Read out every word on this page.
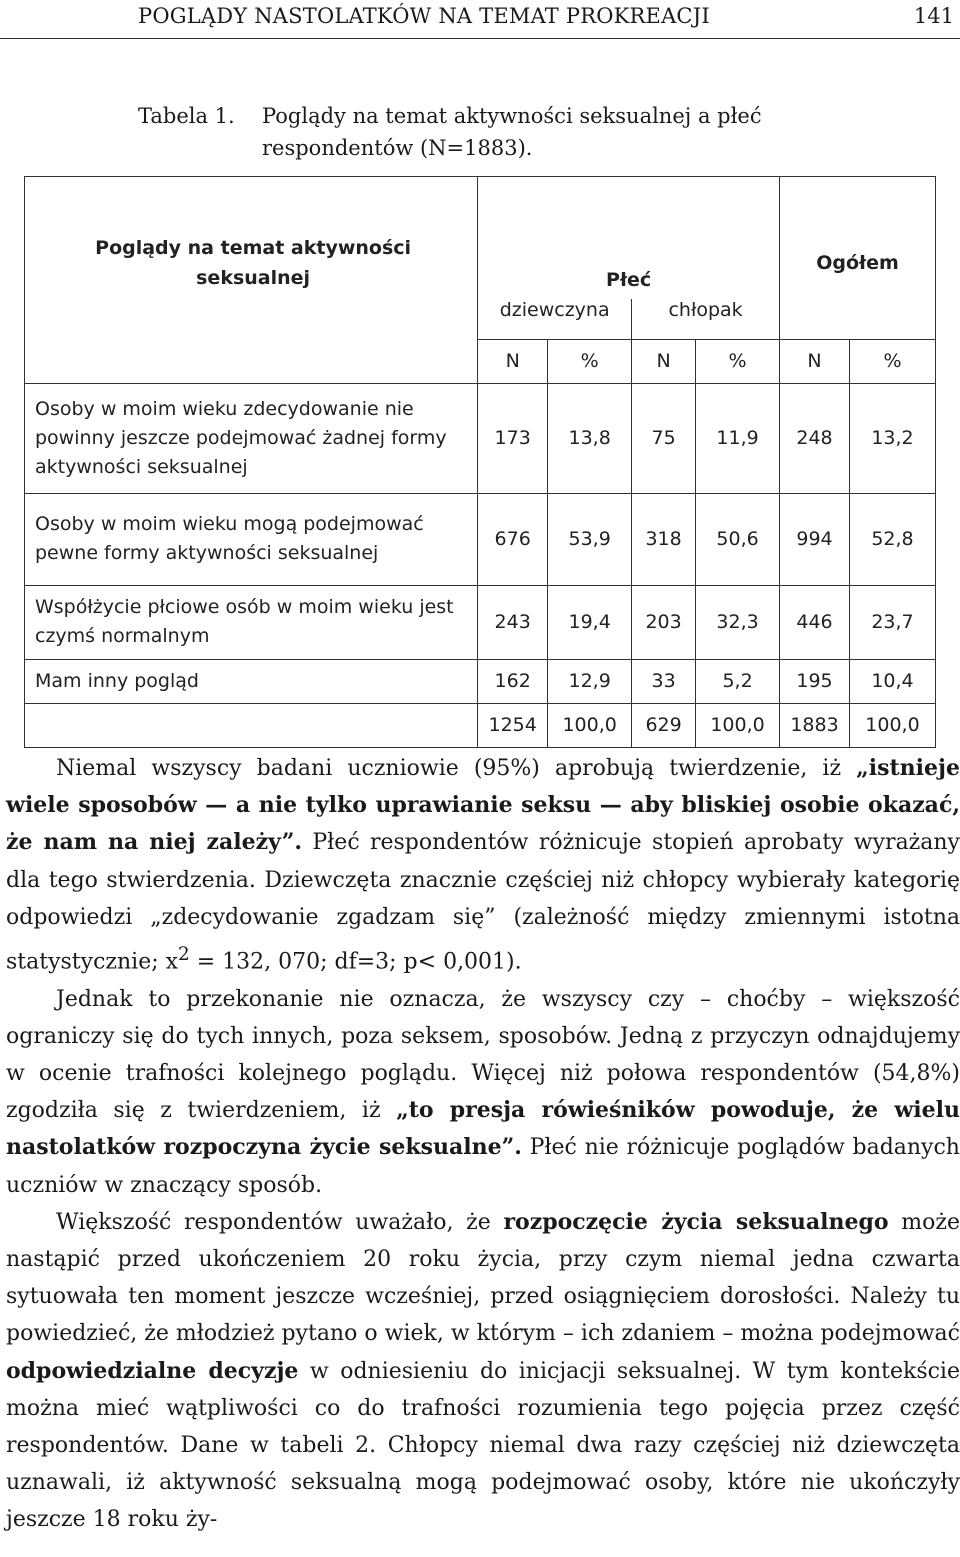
POGLĄDY NASTOLATKÓW NA TEMAT PROKREACJI	141
Tabela 1. Poglądy na temat aktywności seksualnej a płeć
respondentów (N=1883).
Poglądy na temat aktywności seksualnej	Płeć				Ogółem	
	dziewczyna		chłopak			
	N	%	N	%	N	%
Osoby w moim wieku zdecydowanie nie powinny jeszcze podejmować żadnej formy aktywności seksualnej	173	13,8	75	11,9	248	13,2
Osoby w moim wieku mogą podejmować pewne formy aktywności seksualnej	676	53,9	318	50,6	994	52,8
Współżycie płciowe osób w moim wieku jest czymś normalnym	243	19,4	203	32,3	446	23,7
Mam inny pogląd	162	12,9	33	5,2	195	10,4
	1254	100,0	629	100,0	1883	100,0

Niemal wszyscy badani uczniowie (95%) aprobują twierdzenie, iż „istnieje wiele sposobów — a nie tylko uprawianie seksu — aby bliskiej osobie okazać, że nam na niej zależy”. Płeć respondentów różnicuje stopień aprobaty wyrażany dla tego stwierdzenia. Dziewczęta znacznie częściej niż chłopcy wybierały kategorię odpowiedzi „zdecydowanie zgadzam się” (zależność między zmiennymi istotna statystycznie; $x^2 = 132$, 070; df=3; p< 0,001).

Jednak to przekonanie nie oznacza, że wszyscy czy – choćby – większość ograniczy się do tych innych, poza seksem, sposobów. Jedną z przyczyn odnajdujemy w ocenie trafności kolejnego poglądu. Więcej niż połowa respondentów (54,8%) zgodziła się z twierdzeniem, iż „to presja rówieśników powoduje, że wielu nastolatków rozpoczyna życie seksualne”. Płeć nie różnicuje poglądów badanych uczniów w znaczący sposób.

Większość respondentów uważało, że rozpoczęcie życia seksualnego może nastąpić przed ukończeniem 20 roku życia, przy czym niemal jedna czwarta sytuowała ten moment jeszcze wcześniej, przed osiągnięciem dorosłości. Należy tu powiedzieć, że młodzież pytano o wiek, w którym – ich zdaniem – można podejmować odpowiedzialne decyzje w odniesieniu do inicjacji seksualnej. W tym kontekście można mieć wątpliwości co do trafności rozumienia tego pojęcia przez część respondentów. Dane w tabeli 2. Chłopcy niemal dwa razy częściej niż dziewczęta uznawali, iż aktywność seksualną mogą podejmować osoby, które nie ukończyły jeszcze 18 roku ży-
